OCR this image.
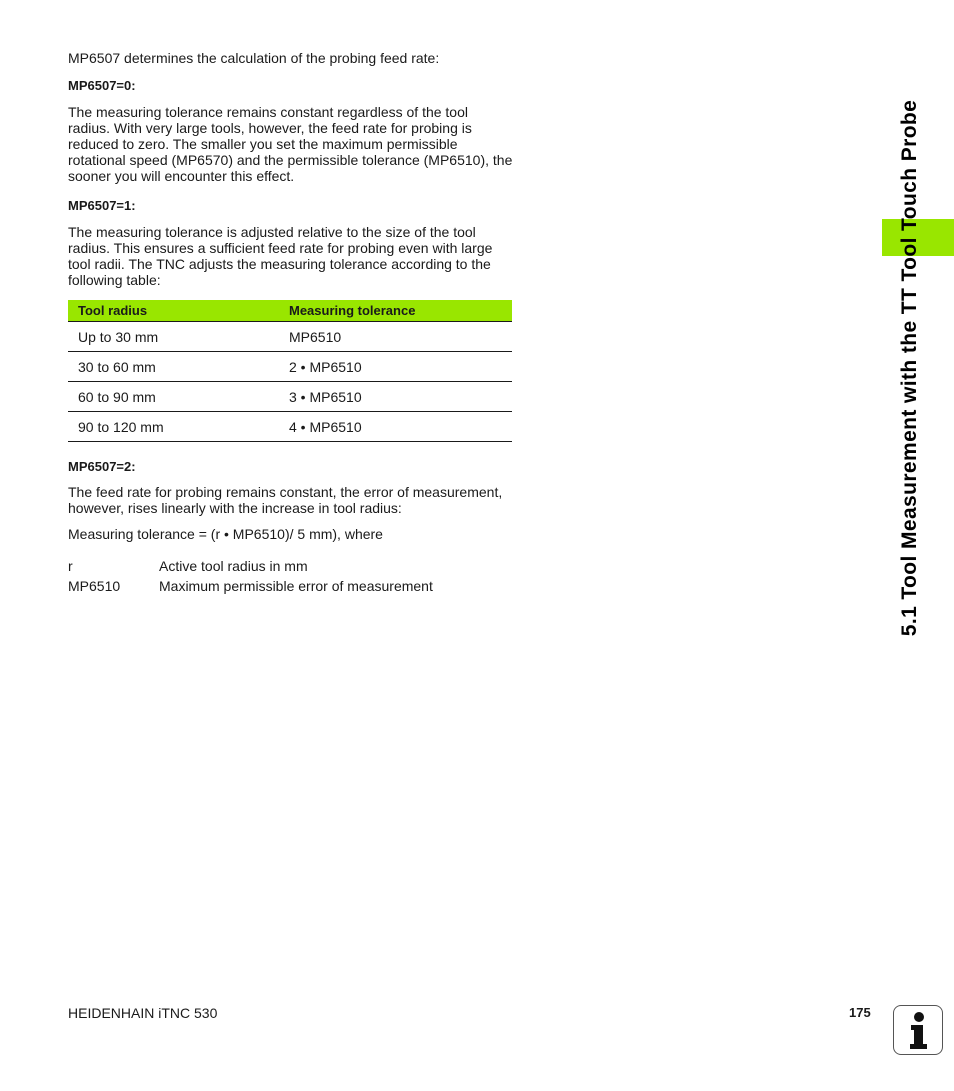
MP6507 determines the calculation of the probing feed rate:

MP6507=0:

The measuring tolerance remains constant regardless of the tool radius. With very large tools, however, the feed rate for probing is reduced to zero. The smaller you set the maximum permissible rotational speed (MP6570) and the permissible tolerance (MP6510), the sooner you will encounter this effect.

MP6507=1:

The measuring tolerance is adjusted relative to the size of the tool radius. This ensures a sufficient feed rate for probing even with large tool radii. The TNC adjusts the measuring tolerance according to the following table:

Tool radius	Measuring tolerance
Up to 30 mm	MP6510
30 to 60 mm	2 • MP6510
60 to 90 mm	3 • MP6510
90 to 120 mm	4 • MP6510

MP6507=2:

The feed rate for probing remains constant, the error of measurement, however, rises linearly with the increase in tool radius:

Measuring tolerance = (r • MP6510)/ 5 mm), where

r	Active tool radius in mm
MP6510	Maximum permissible error of measurement	5.1 Tool Measurement with the TT Tool Touch Probe
HEIDENHAIN iTNC 530	175
